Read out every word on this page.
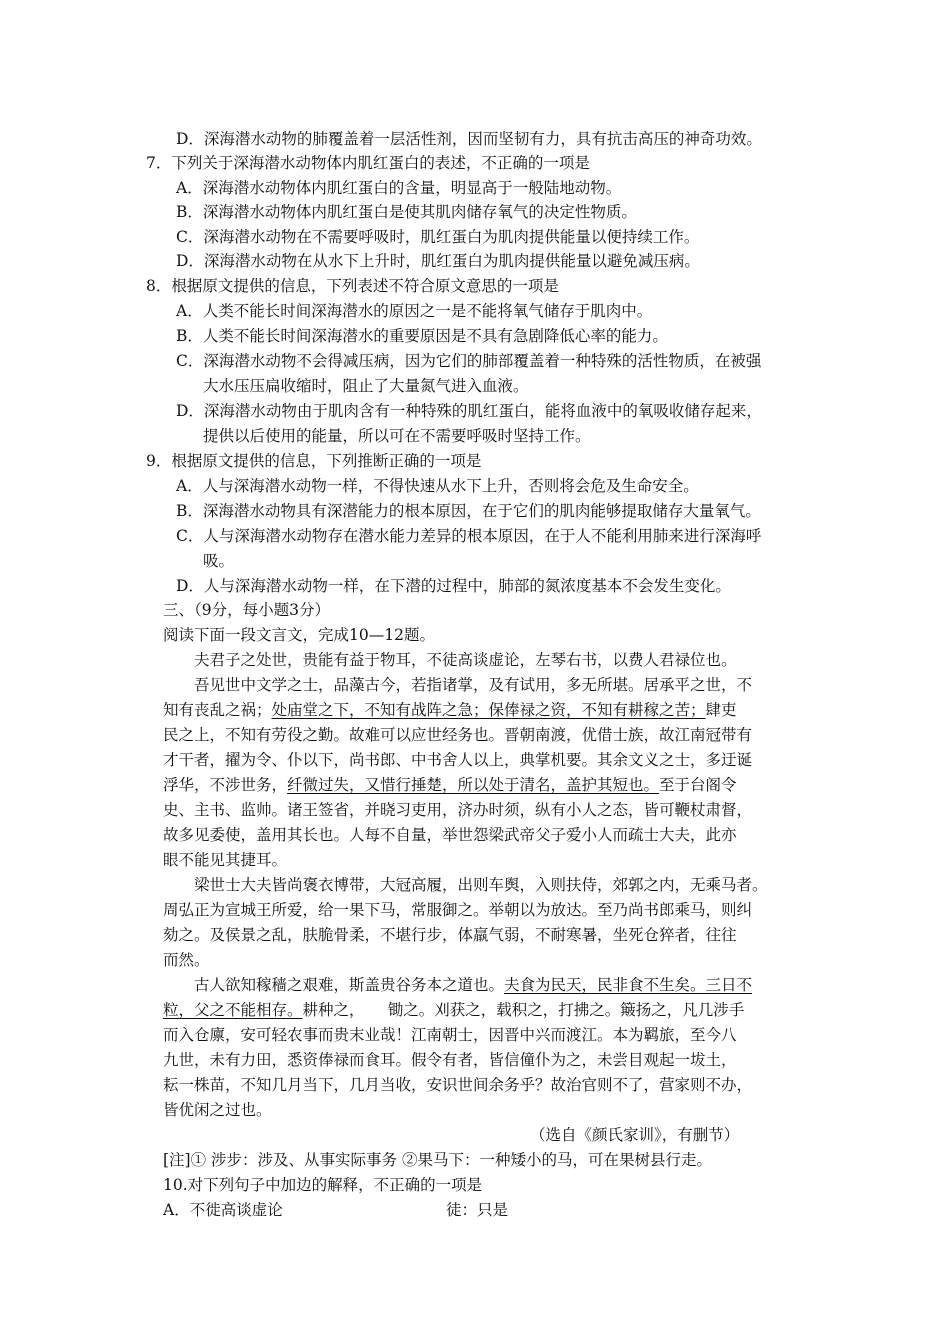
D．深海潜水动物的肺覆盖着一层活性剂，因而坚韧有力，具有抗击高压的神奇功效。
7．下列关于深海潜水动物体内肌红蛋白的表述，不正确的一项是
A．深海潜水动物体内肌红蛋白的含量，明显高于一般陆地动物。
B．深海潜水动物体内肌红蛋白是使其肌肉储存氧气的决定性物质。
C．深海潜水动物在不需要呼吸时，肌红蛋白为肌肉提供能量以便持续工作。
D．深海潜水动物在从水下上升时，肌红蛋白为肌肉提供能量以避免减压病。
8．根据原文提供的信息，下列表述不符合原文意思的一项是
A．人类不能长时间深海潜水的原因之一是不能将氧气储存于肌肉中。
B．人类不能长时间深海潜水的重要原因是不具有急剧降低心率的能力。
C．深海潜水动物不会得减压病，因为它们的肺部覆盖着一种特殊的活性物质，在被强
大水压压扁收缩时，阻止了大量氮气进入血液。
D．深海潜水动物由于肌肉含有一种特殊的肌红蛋白，能将血液中的氧吸收储存起来，
提供以后使用的能量，所以可在不需要呼吸时坚持工作。
9．根据原文提供的信息，下列推断正确的一项是
A．人与深海潜水动物一样，不得快速从水下上升，否则将会危及生命安全。
B．深海潜水动物具有深潜能力的根本原因，在于它们的肌肉能够提取储存大量氧气。
C．人与深海潜水动物存在潜水能力差异的根本原因，在于人不能利用肺来进行深海呼
吸。
D．人与深海潜水动物一样，在下潜的过程中，肺部的氮浓度基本不会发生变化。
三、（9分，每小题3分）
阅读下面一段文言文，完成10—12题。
夫君子之处世，贵能有益于物耳，不徒高谈虚论，左琴右书，以费人君禄位也。
吾见世中文学之士，品藻古今，若指诸掌，及有试用，多无所堪。居承平之世，不
知有丧乱之祸；处庙堂之下，不知有战阵之急；保俸禄之资，不知有耕稼之苦；肆吏
民之上，不知有劳役之勤。故难可以应世经务也。晋朝南渡，优借士族，故江南冠带有
才干者，擢为令、仆以下，尚书郎、中书舍人以上，典掌机要。其余文义之士，多迂诞
浮华，不涉世务，纤微过失，又惜行捶楚，所以处于清名，盖护其短也。至于台阁令
史、主书、监帅。诸王签省，并晓习吏用，济办时须，纵有小人之态，皆可鞭杖肃督，
故多见委使，盖用其长也。人每不自量，举世怨梁武帝父子爱小人而疏士大夫，此亦
眼不能见其捷耳。
梁世士大夫皆尚褒衣博带，大冠高履，出则车舆，入则扶侍，郊郭之内，无乘马者。
周弘正为宣城王所爱，给一果下马，常服御之。举朝以为放达。至乃尚书郎乘马，则纠
劾之。及侯景之乱，肤脆骨柔，不堪行步，体羸气弱，不耐寒暑，坐死仓猝者，往往
而然。
古人欲知稼穑之艰难，斯盖贵谷务本之道也。夫食为民天，民非食不生矣。三日不
粒，父之不能相存。耕种之，　　锄之。刈获之，载积之，打拂之。簸扬之，凡几涉手
而入仓廪，安可轻农事而贵末业哉！江南朝士，因晋中兴而渡江。本为羁旅，至今八
九世，未有力田，悉资俸禄而食耳。假令有者，皆信僮仆为之，未尝目观起一坺土，
耘一株苗，不知几月当下，几月当收，安识世间余务乎？故治官则不了，营家则不办，
皆优闲之过也。
（选自《颜氏家训》，有删节）
[注]① 涉步：涉及、从事实际事务 ②果马下：一种矮小的马，可在果树县行走。
10.对下列句子中加边的解释，不正确的一项是
A．不徙高谈虚论	徒：只是
